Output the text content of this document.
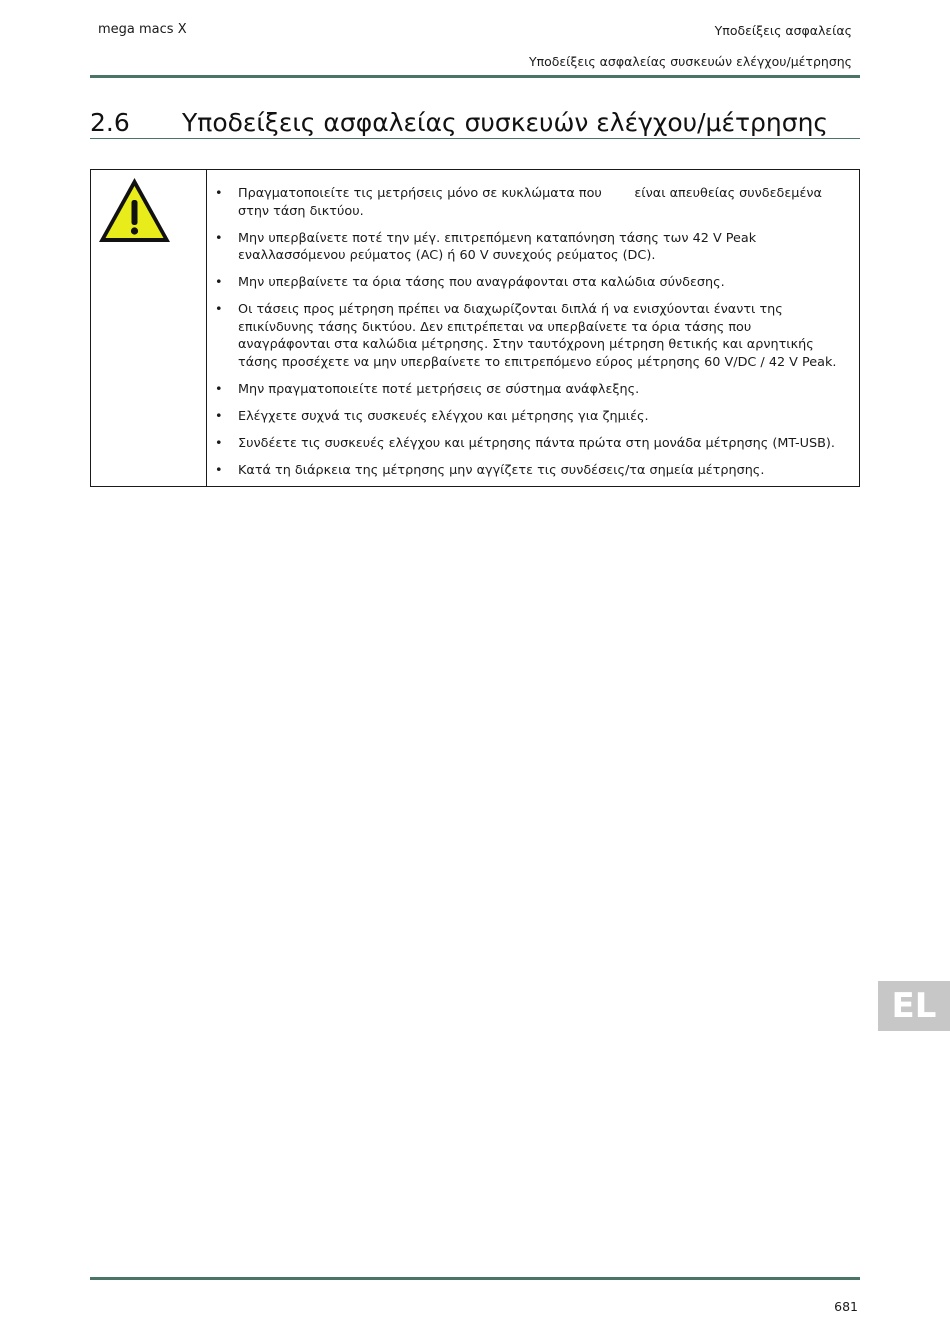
mega macs X	Υποδείξεις ασφαλείας
Υποδείξεις ασφαλείας συσκευών ελέγχου/μέτρησης
2.6 Υποδείξεις ασφαλείας συσκευών ελέγχου/μέτρησης
• Πραγματοποιείτε τις μετρήσεις μόνο σε κυκλώματα που        είναι απευθείας συνδεδεμένα στην τάση δικτύου.
• Μην υπερβαίνετε ποτέ την μέγ. επιτρεπόμενη καταπόνηση τάσης των 42 V Peak εναλλασσόμενου ρεύματος (AC) ή 60 V συνεχούς ρεύματος (DC).
• Μην υπερβαίνετε τα όρια τάσης που αναγράφονται στα καλώδια σύνδεσης.
• Οι τάσεις προς μέτρηση πρέπει να διαχωρίζονται διπλά ή να ενισχύονται έναντι της επικίνδυνης τάσης δικτύου. Δεν επιτρέπεται να υπερβαίνετε τα όρια τάσης που αναγράφονται στα καλώδια μέτρησης. Στην ταυτόχρονη μέτρηση θετικής και αρνητικής τάσης προσέχετε να μην υπερβαίνετε το επιτρεπόμενο εύρος μέτρησης 60 V/DC / 42 V Peak.
• Μην πραγματοποιείτε ποτέ μετρήσεις σε σύστημα ανάφλεξης.
• Ελέγχετε συχνά τις συσκευές ελέγχου και μέτρησης για ζημιές.
• Συνδέετε τις συσκευές ελέγχου και μέτρησης πάντα πρώτα στη μονάδα μέτρησης (MT-USB).
• Κατά τη διάρκεια της μέτρησης μην αγγίζετε τις συνδέσεις/τα σημεία μέτρησης.
EL
681
